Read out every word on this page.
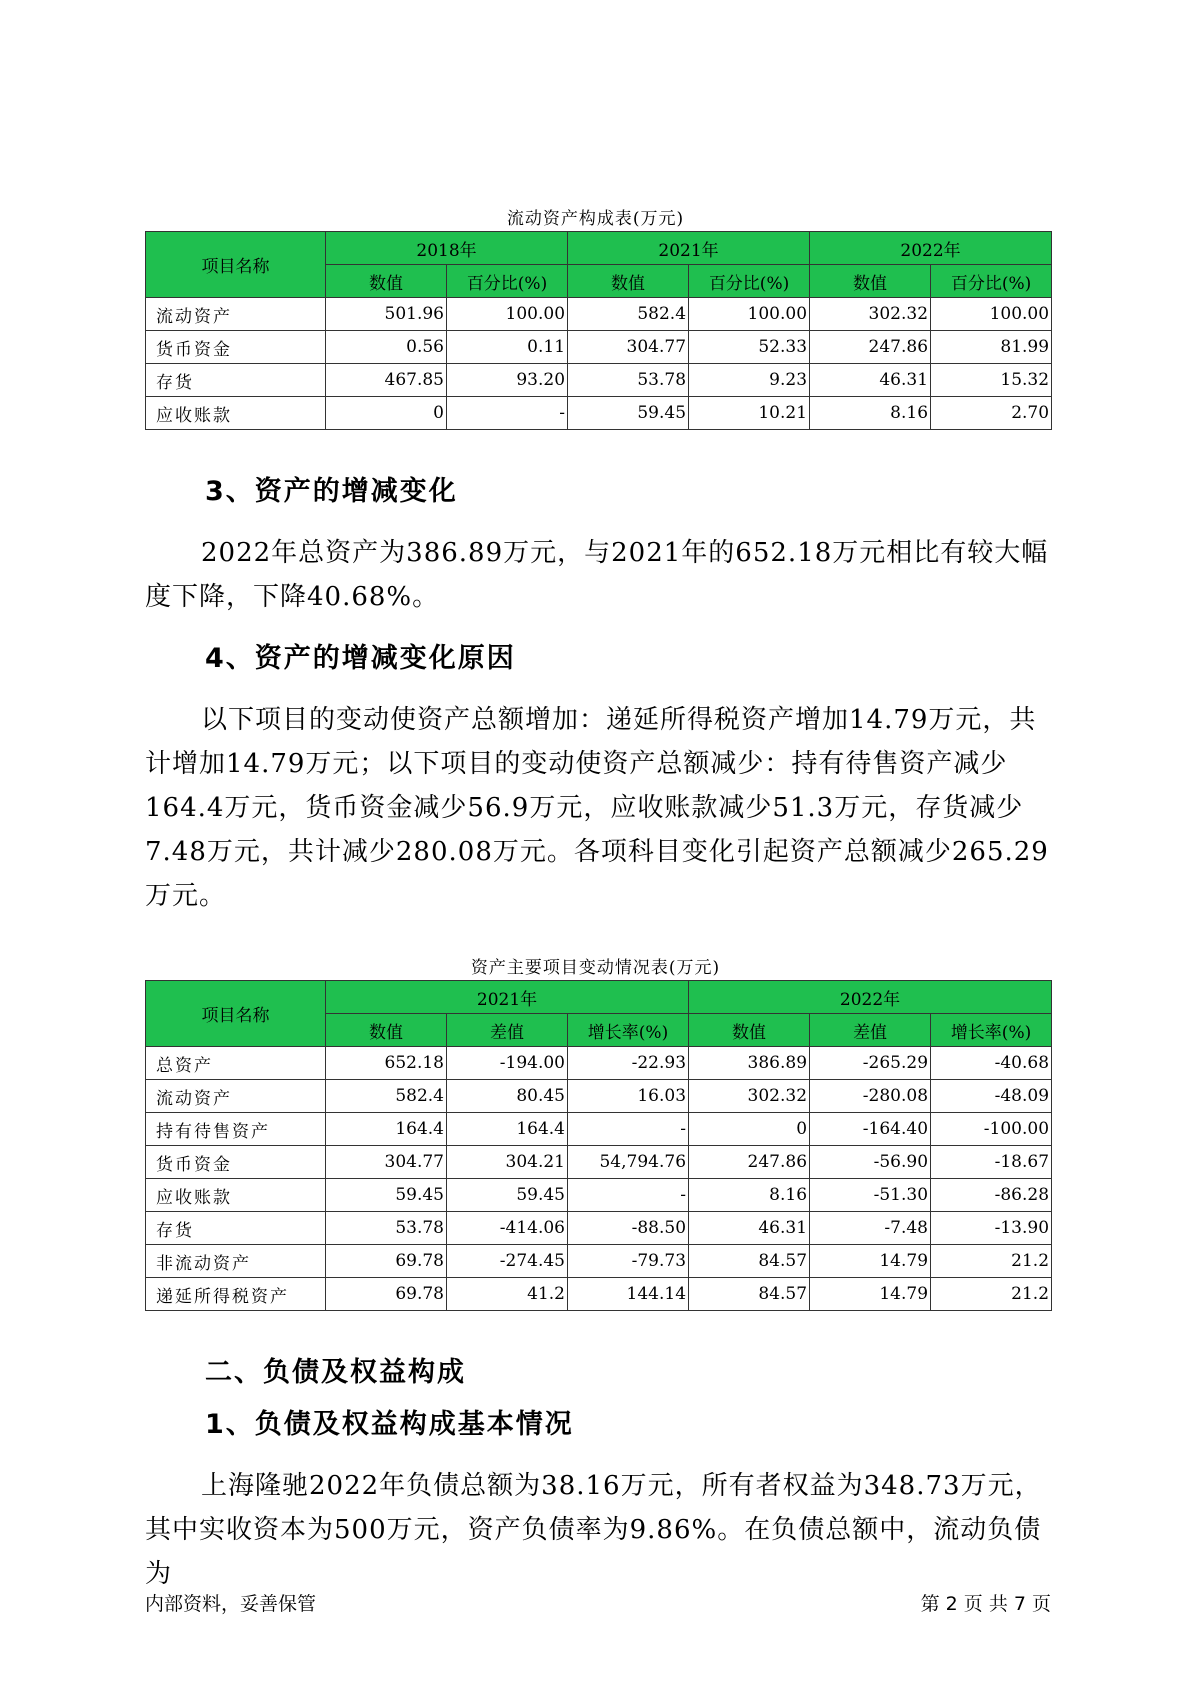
流动资产构成表(万元)
项目名称	2018年		2021年		2022年	
	数值	百分比(%)	数值	百分比(%)	数值	百分比(%)
流动资产	501.96	100.00	582.4	100.00	302.32	100.00
货币资金	0.56	0.11	304.77	52.33	247.86	81.99
存货	467.85	93.20	53.78	9.23	46.31	15.32
应收账款	0	-	59.45	10.21	8.16	2.70
3、资产的增减变化

2022年总资产为386.89万元，与2021年的652.18万元相比有较大幅度下降，下降40.68%。

4、资产的增减变化原因

以下项目的变动使资产总额增加：递延所得税资产增加14.79万元，共计增加14.79万元；以下项目的变动使资产总额减少：持有待售资产减少164.4万元，货币资金减少56.9万元，应收账款减少51.3万元，存货减少7.48万元，共计减少280.08万元。各项科目变化引起资产总额减少265.29万元。

资产主要项目变动情况表(万元)
项目名称	2021年			2022年		
	数值	差值	增长率(%)	数值	差值	增长率(%)
总资产	652.18	-194.00	-22.93	386.89	-265.29	-40.68
流动资产	582.4	80.45	16.03	302.32	-280.08	-48.09
持有待售资产	164.4	164.4	-	0	-164.40	-100.00
货币资金	304.77	304.21	54,794.76	247.86	-56.90	-18.67
应收账款	59.45	59.45	-	8.16	-51.30	-86.28
存货	53.78	-414.06	-88.50	46.31	-7.48	-13.90
非流动资产	69.78	-274.45	-79.73	84.57	14.79	21.2
递延所得税资产	69.78	41.2	144.14	84.57	14.79	21.2
二、负债及权益构成
1、负债及权益构成基本情况

上海隆驰2022年负债总额为38.16万元，所有者权益为348.73万元，其中实收资本为500万元，资产负债率为9.86%。在负债总额中，流动负债为

内部资料，妥善保管	第 2 页 共 7 页
